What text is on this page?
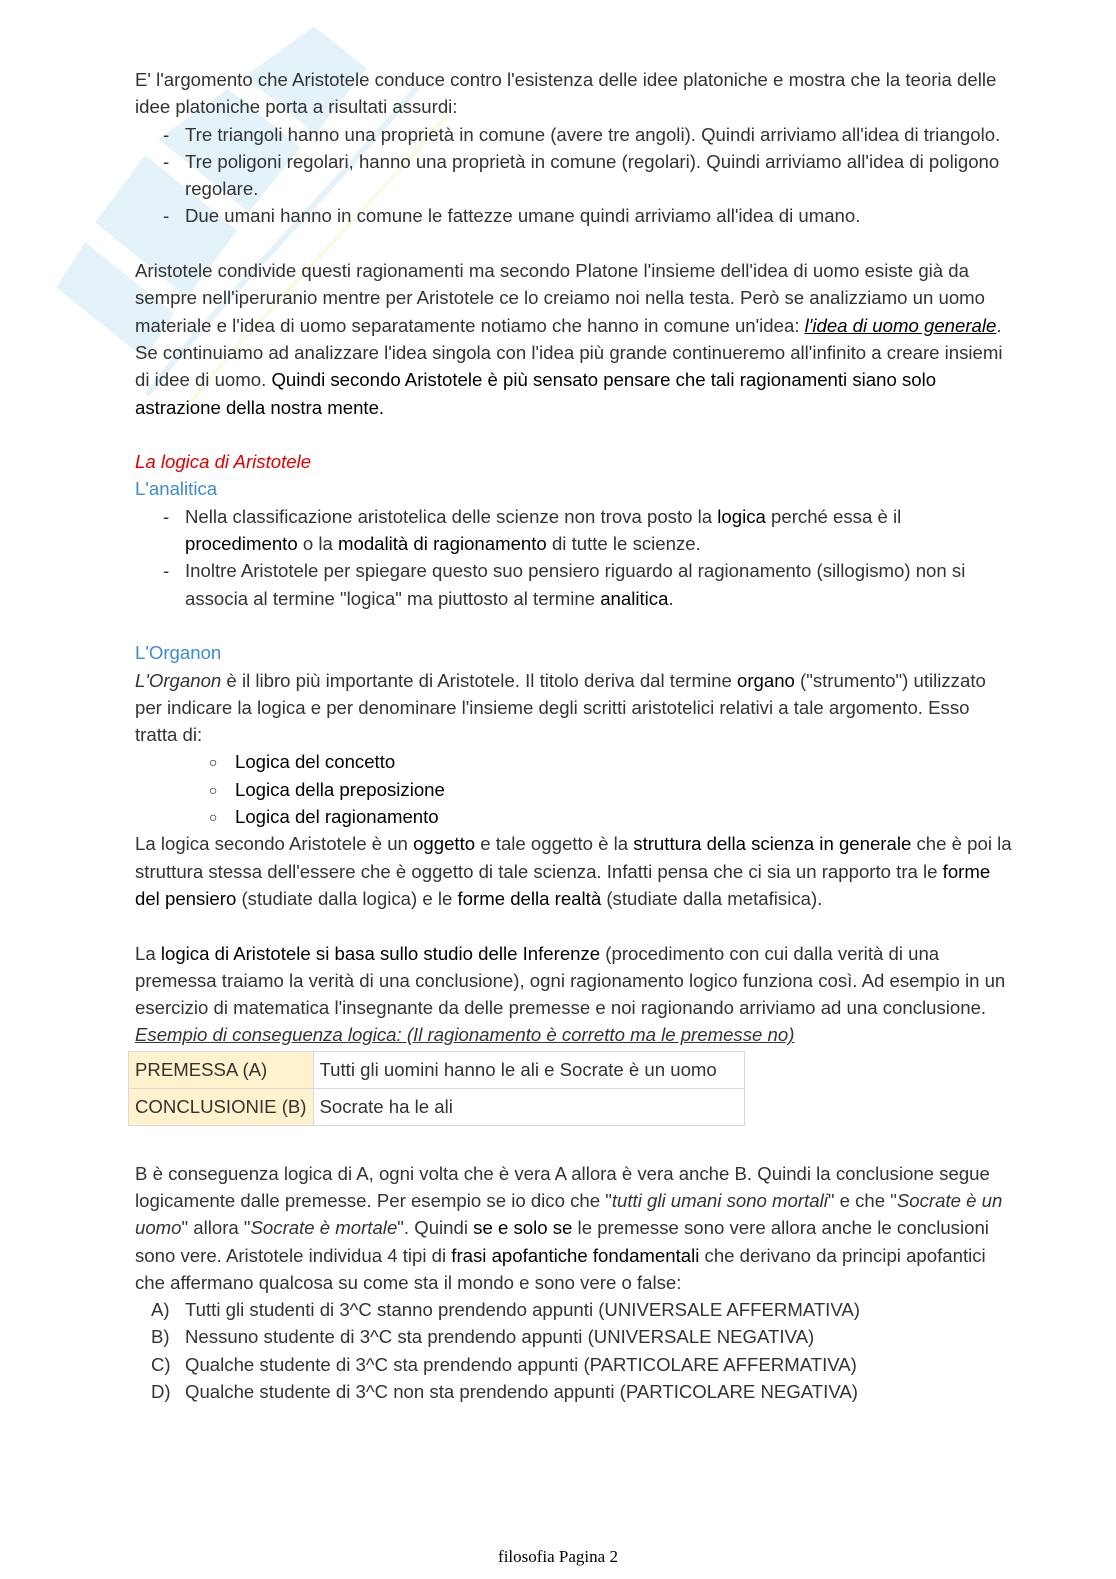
E' l'argomento che Aristotele conduce contro l'esistenza delle idee platoniche e mostra che la teoria delle idee platoniche porta a risultati assurdi:

- Tre triangoli hanno una proprietà in comune (avere tre angoli). Quindi arriviamo all'idea di triangolo.
- Tre poligoni regolari, hanno una proprietà in comune (regolari). Quindi arriviamo all'idea di poligono regolare.
- Due umani hanno in comune le fattezze umane quindi arriviamo all'idea di umano.

Aristotele condivide questi ragionamenti ma secondo Platone l'insieme dell'idea di uomo esiste già da sempre nell'iperuranio mentre per Aristotele ce lo creiamo noi nella testa. Però se analizziamo un uomo materiale e l'idea di uomo separatamente notiamo che hanno in comune un'idea: l'idea di uomo generale. Se continuiamo ad analizzare l'idea singola con l'idea più grande continueremo all'infinito a creare insiemi di idee di uomo. Quindi secondo Aristotele è più sensato pensare che tali ragionamenti siano solo astrazione della nostra mente.

La logica di Aristotele

L'analitica

- Nella classificazione aristotelica delle scienze non trova posto la logica perché essa è il procedimento o la modalità di ragionamento di tutte le scienze.
- Inoltre Aristotele per spiegare questo suo pensiero riguardo al ragionamento (sillogismo) non si associa al termine "logica" ma piuttosto al termine analitica.

L'Organon

L'Organon è il libro più importante di Aristotele. Il titolo deriva dal termine organo ("strumento") utilizzato per indicare la logica e per denominare l'insieme degli scritti aristotelici relativi a tale argomento. Esso tratta di:

○ Logica del concetto
○ Logica della preposizione
○ Logica del ragionamento

La logica secondo Aristotele è un oggetto e tale oggetto è la struttura della scienza in generale che è poi la struttura stessa dell'essere che è oggetto di tale scienza. Infatti pensa che ci sia un rapporto tra le forme del pensiero (studiate dalla logica) e le forme della realtà (studiate dalla metafisica).

La logica di Aristotele si basa sullo studio delle Inferenze (procedimento con cui dalla verità di una premessa traiamo la verità di una conclusione), ogni ragionamento logico funziona così. Ad esempio in un esercizio di matematica l'insegnante da delle premesse e noi ragionando arriviamo ad una conclusione.

Esempio di conseguenza logica: (Il ragionamento è corretto ma le premesse no)

PREMESSA (A)	Tutti gli uomini hanno le ali e Socrate è un uomo
CONCLUSIONIE (B)	Socrate ha le ali

B è conseguenza logica di A, ogni volta che è vera A allora è vera anche B. Quindi la conclusione segue logicamente dalle premesse. Per esempio se io dico che "tutti gli umani sono mortali" e che "Socrate è un uomo" allora "Socrate è mortale". Quindi se e solo se le premesse sono vere allora anche le conclusioni sono vere. Aristotele individua 4 tipi di frasi apofantiche fondamentali che derivano da principi apofantici che affermano qualcosa su come sta il mondo e sono vere o false:

A) Tutti gli studenti di 3^C stanno prendendo appunti (UNIVERSALE AFFERMATIVA)
B) Nessuno studente di 3^C sta prendendo appunti (UNIVERSALE NEGATIVA)
C) Qualche studente di 3^C sta prendendo appunti (PARTICOLARE AFFERMATIVA)
D) Qualche studente di 3^C non sta prendendo appunti (PARTICOLARE NEGATIVA)
filosofia Pagina 2
